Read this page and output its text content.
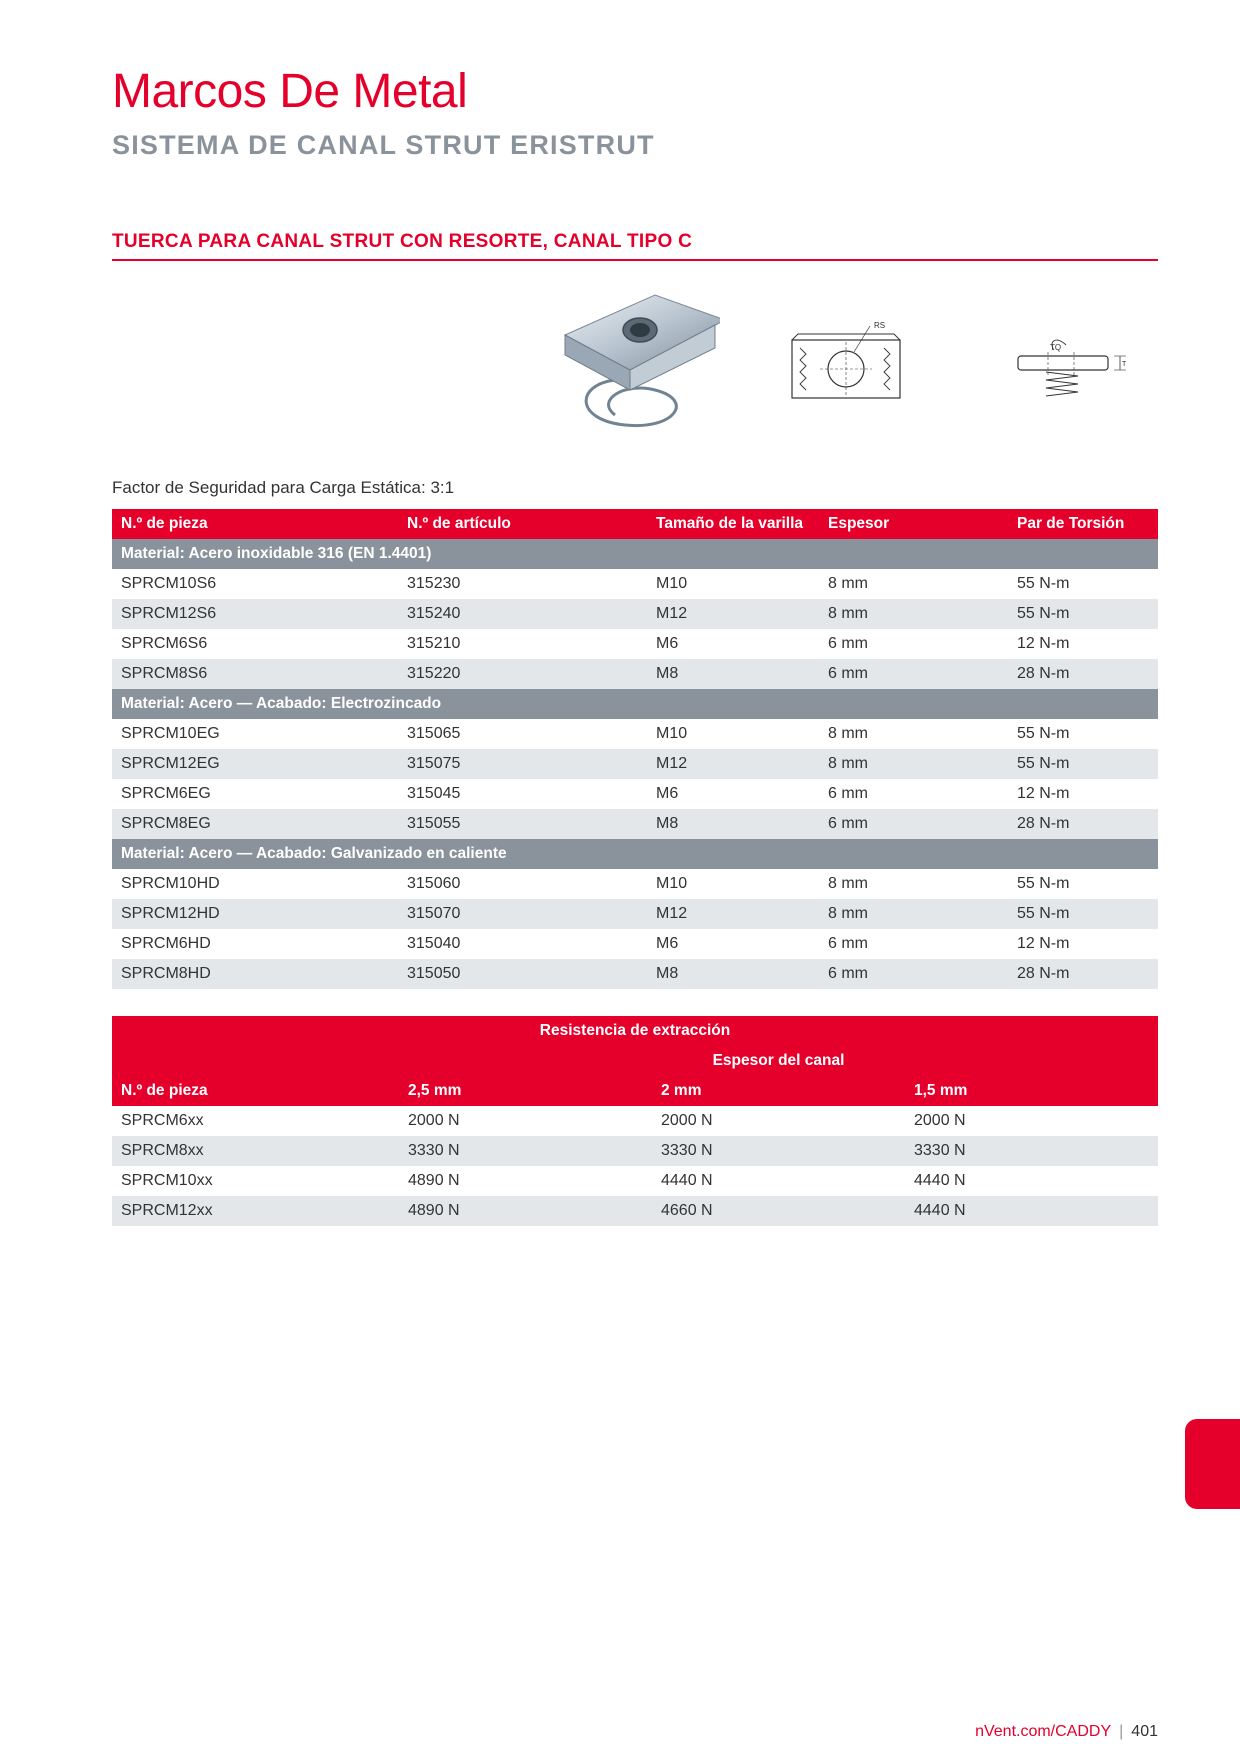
Marcos De Metal
SISTEMA DE CANAL STRUT ERISTRUT
TUERCA PARA CANAL STRUT CON RESORTE, CANAL TIPO C
RS
TQ
T
Factor de Seguridad para Carga Estática: 3:1
N.º de pieza	N.º de artículo	Tamaño de la varilla	Espesor	Par de Torsión
Material: Acero inoxidable 316 (EN 1.4401)				
SPRCM10S6	315230	M10	8 mm	55 N-m
SPRCM12S6	315240	M12	8 mm	55 N-m
SPRCM6S6	315210	M6	6 mm	12 N-m
SPRCM8S6	315220	M8	6 mm	28 N-m
Material: Acero — Acabado: Electrozincado				
SPRCM10EG	315065	M10	8 mm	55 N-m
SPRCM12EG	315075	M12	8 mm	55 N-m
SPRCM6EG	315045	M6	6 mm	12 N-m
SPRCM8EG	315055	M8	6 mm	28 N-m
Material: Acero — Acabado: Galvanizado en caliente				
SPRCM10HD	315060	M10	8 mm	55 N-m
SPRCM12HD	315070	M12	8 mm	55 N-m
SPRCM6HD	315040	M6	6 mm	12 N-m
SPRCM8HD	315050	M8	6 mm	28 N-m
Resistencia de extracción			
	Espesor del canal		
N.º de pieza	2,5 mm	2 mm	1,5 mm
SPRCM6xx	2000 N	2000 N	2000 N
SPRCM8xx	3330 N	3330 N	3330 N
SPRCM10xx	4890 N	4440 N	4440 N
SPRCM12xx	4890 N	4660 N	4440 N
nVent.com/CADDY | 401
